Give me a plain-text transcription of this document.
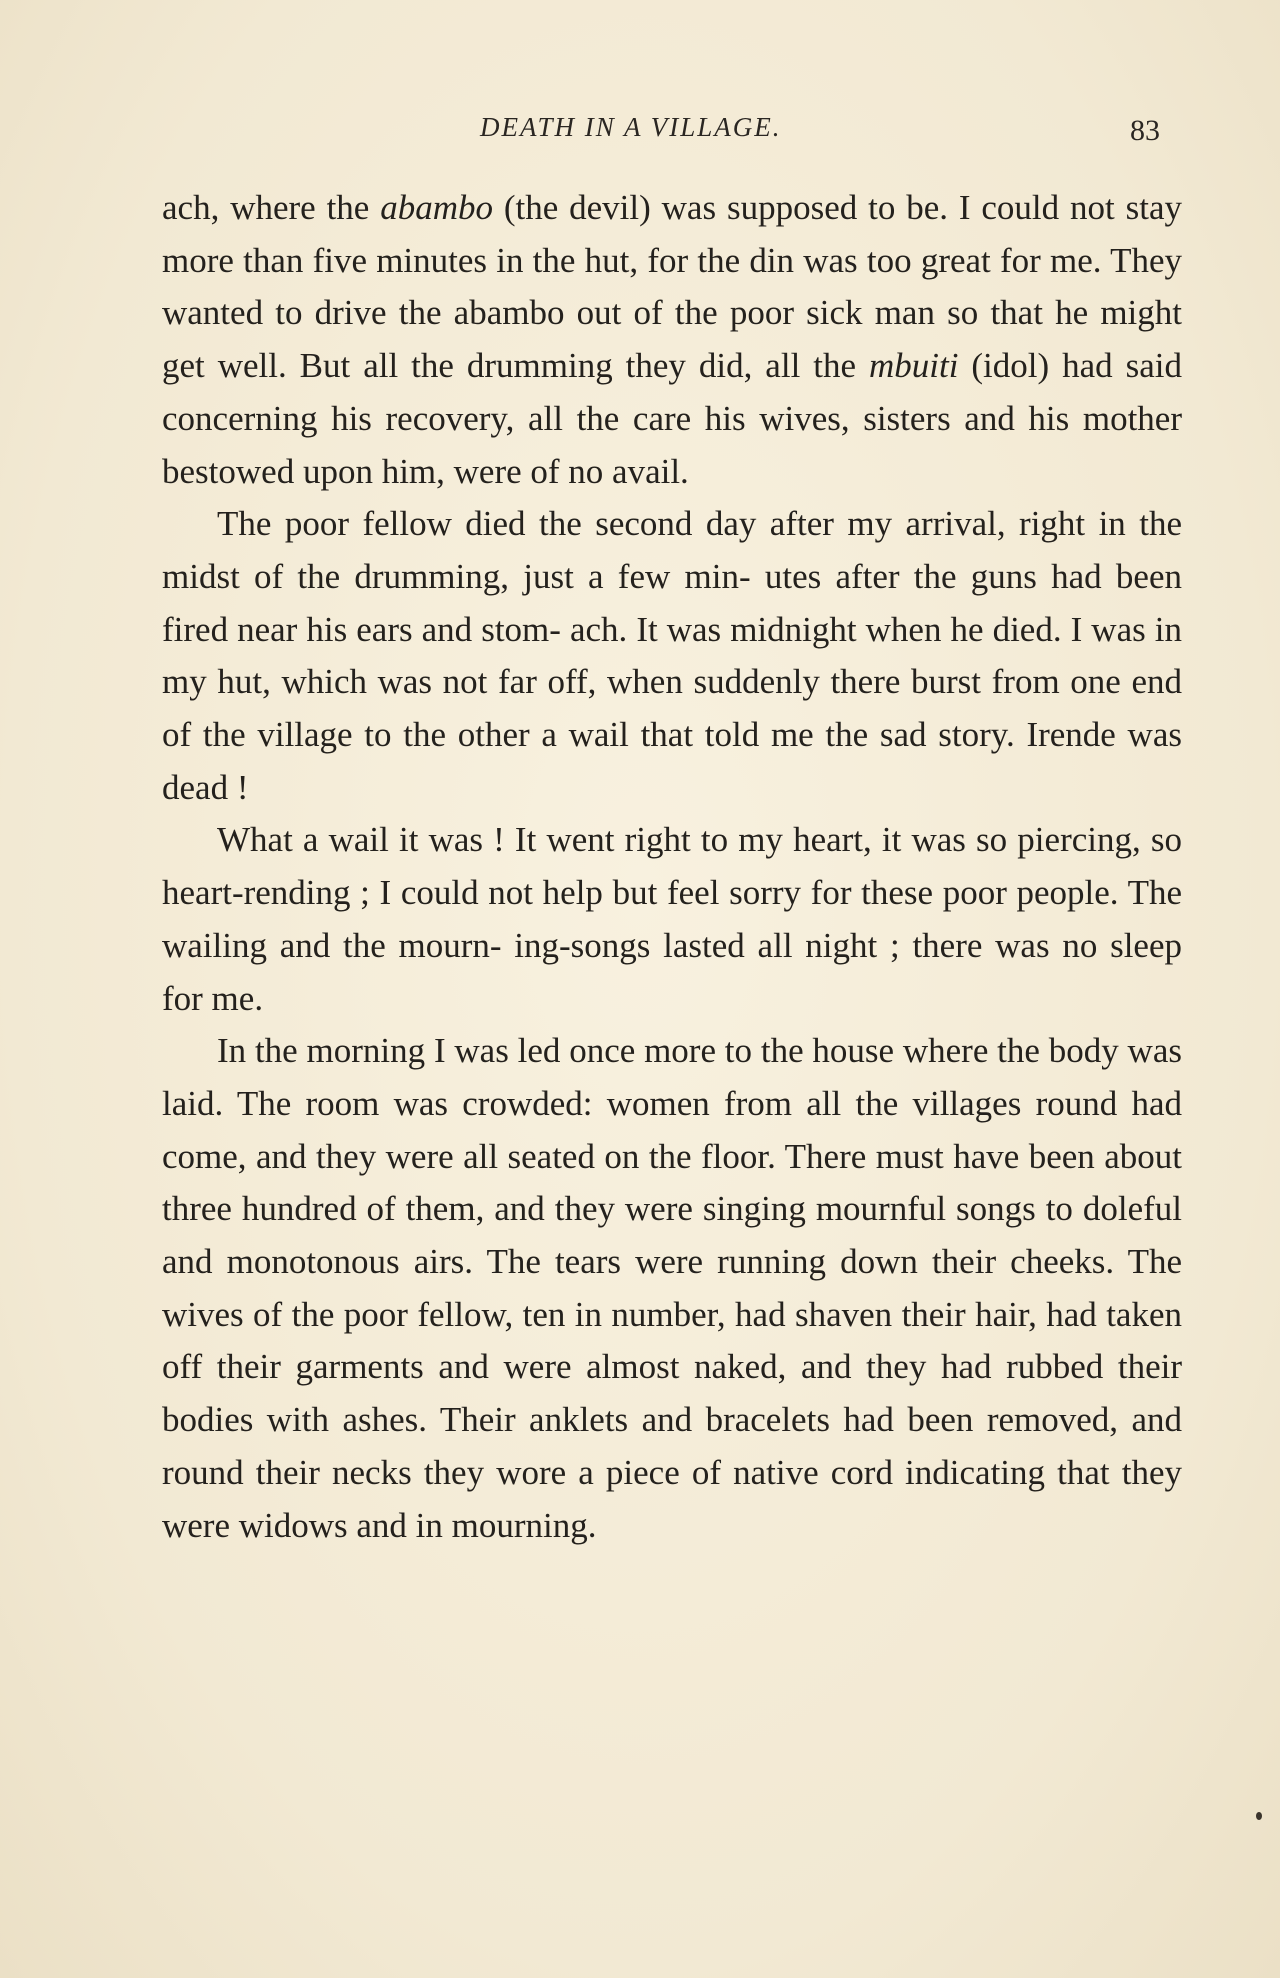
DEATH IN A VILLAGE.	83

ach, where the abambo (the devil) was supposed to be. I could not stay more than five minutes in the hut, for the din was too great for me. They wanted to drive the abambo out of the poor sick man so that he might get well. But all the drumming they did, all the mbuiti (idol) had said concerning his recovery, all the care his wives, sisters and his mother bestowed upon him, were of no avail.

The poor fellow died the second day after my arrival, right in the midst of the drumming, just a few min- utes after the guns had been fired near his ears and stom- ach. It was midnight when he died. I was in my hut, which was not far off, when suddenly there burst from one end of the village to the other a wail that told me the sad story. Irende was dead !

What a wail it was ! It went right to my heart, it was so piercing, so heart-rending ; I could not help but feel sorry for these poor people. The wailing and the mourn- ing-songs lasted all night ; there was no sleep for me.

In the morning I was led once more to the house where the body was laid. The room was crowded: women from all the villages round had come, and they were all seated on the floor. There must have been about three hundred of them, and they were singing mournful songs to doleful and monotonous airs. The tears were running down their cheeks. The wives of the poor fellow, ten in number, had shaven their hair, had taken off their garments and were almost naked, and they had rubbed their bodies with ashes. Their anklets and bracelets had been removed, and round their necks they wore a piece of native cord indicating that they were widows and in mourning.
